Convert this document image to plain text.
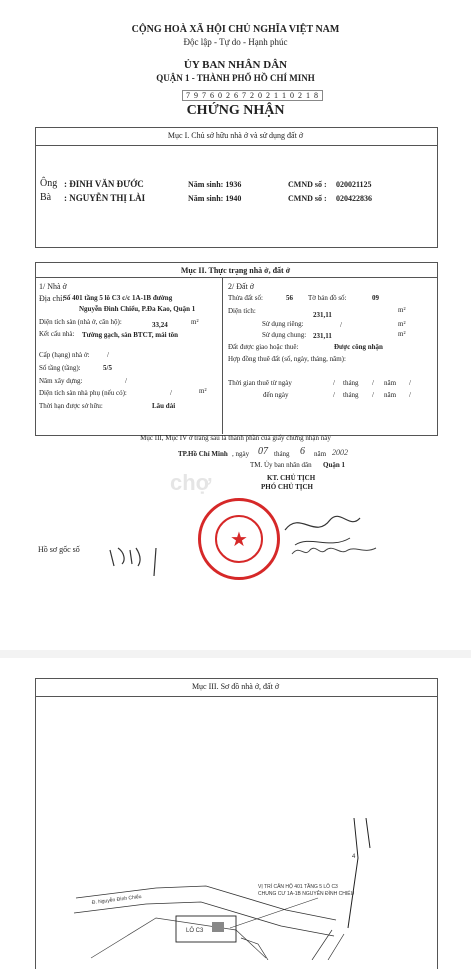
CỘNG HOÀ XÃ HỘI CHỦ NGHĨA VIỆT NAM
Độc lập - Tự do - Hạnh phúc
ỦY BAN NHÂN DÂN
QUẬN 1 - THÀNH PHỐ HỒ CHÍ MINH
7 9 7 6 0 2 6 7 2 0 2 1 1 0 2 1 8
CHỨNG NHẬN
Mục I. Chủ sở hữu nhà ở và sử dụng đất ở
Ông : ĐINH VĂN ĐƯỚC	Năm sinh: 1936	CMND số : 020021125
Bà : NGUYỄN THỊ LÀI	Năm sinh: 1940	CMND số : 020422836
Mục II. Thực trạng nhà ở, đất ở
1/ Nhà ở
Địa chỉ:
Số 401 tầng 5 lô C3 c/c 1A-1B đường
Nguyễn Đình Chiểu, P.Đa Kao, Quận 1
Diện tích sàn (nhà ở, căn hộ):	33,24	m²
Kết cấu nhà: Tường gạch, sàn BTCT, mái tôn
Cấp (hạng) nhà ở: /
Số tầng (tầng):	5/5
Năm xây dựng:	/
Diện tích sàn nhà phụ (nếu có):	/	m²
Thời hạn được sở hữu:	Lâu dài
2/ Đất ở
Thửa đất số:	56 Tờ bản đồ số:	09
Diện tích:	231,11
m²
Sử dụng riêng:	/	m²
Sử dụng chung: 231,11	m²
Đất được giao hoặc thuê:	Được công nhận
Hợp đồng thuê đất (số, ngày, tháng, năm):
Thời gian thuê từ ngày	/ tháng / năm /
đến ngày	/ tháng / năm /
Mục III, Mục IV ở trang sau là thành phần của giấy chứng nhận này
TP.Hồ Chí Minh , ngày 07 tháng 6 năm 2002
TM. Ủy ban nhân dân Quận 1
KT. CHỦ TỊCH
PHÓ CHỦ TỊCH
chợ
★
Hồ sơ gốc số
Mục III. Sơ đồ nhà ở, đất ở
4
VỊ TRÍ CĂN HỘ 401 TẦNG 5 LÔ C3
CHUNG CƯ 1A-1B NGUYỄN ĐÌNH CHIỂU
Đ. Nguyễn Đình Chiểu
LÔ C3
